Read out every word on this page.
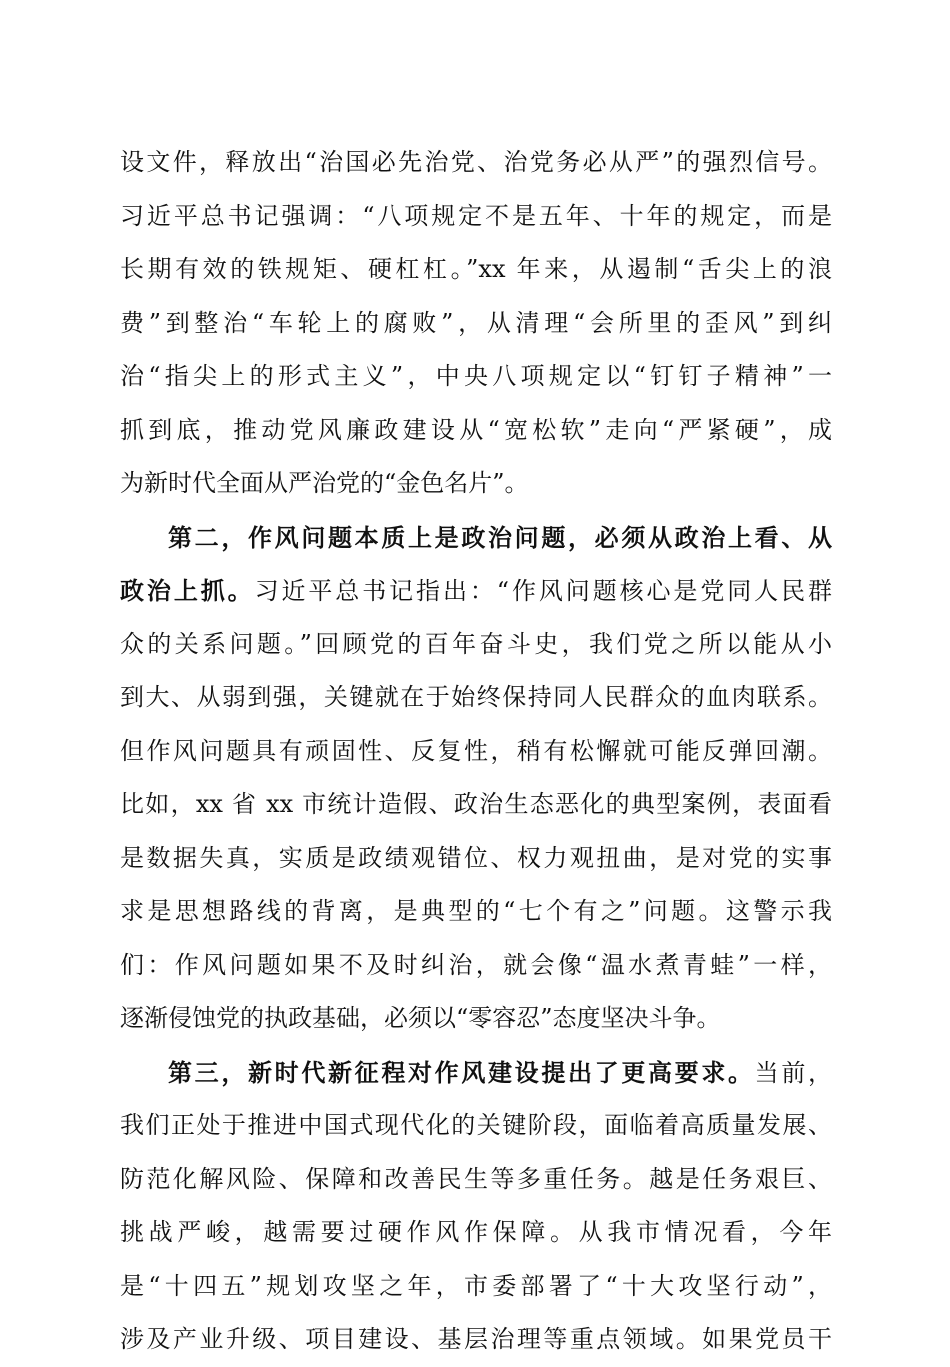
设文件，释放出“治国必先治党、治党务必从严”的强烈信号。
习近平总书记强调：“八项规定不是五年、十年的规定，而是
长期有效的铁规矩、硬杠杠。”xx 年来，从遏制“舌尖上的浪
费”到整治“车轮上的腐败”，从清理“会所里的歪风”到纠
治“指尖上的形式主义”，中央八项规定以“钉钉子精神”一
抓到底，推动党风廉政建设从“宽松软”走向“严紧硬”，成
为新时代全面从严治党的“金色名片”。
第二，作风问题本质上是政治问题，必须从政治上看、从
政治上抓。习近平总书记指出：“作风问题核心是党同人民群
众的关系问题。”回顾党的百年奋斗史，我们党之所以能从小
到大、从弱到强，关键就在于始终保持同人民群众的血肉联系。
但作风问题具有顽固性、反复性，稍有松懈就可能反弹回潮。
比如，xx 省 xx 市统计造假、政治生态恶化的典型案例，表面看
是数据失真，实质是政绩观错位、权力观扭曲，是对党的实事
求是思想路线的背离，是典型的“七个有之”问题。这警示我
们：作风问题如果不及时纠治，就会像“温水煮青蛙”一样，
逐渐侵蚀党的执政基础，必须以“零容忍”态度坚决斗争。
第三，新时代新征程对作风建设提出了更高要求。当前，
我们正处于推进中国式现代化的关键阶段，面临着高质量发展、
防范化解风险、保障和改善民生等多重任务。越是任务艰巨、
挑战严峻，越需要过硬作风作保障。从我市情况看，今年
是“十四五”规划攻坚之年，市委部署了“十大攻坚行动”，
涉及产业升级、项目建设、基层治理等重点领域。如果党员干
